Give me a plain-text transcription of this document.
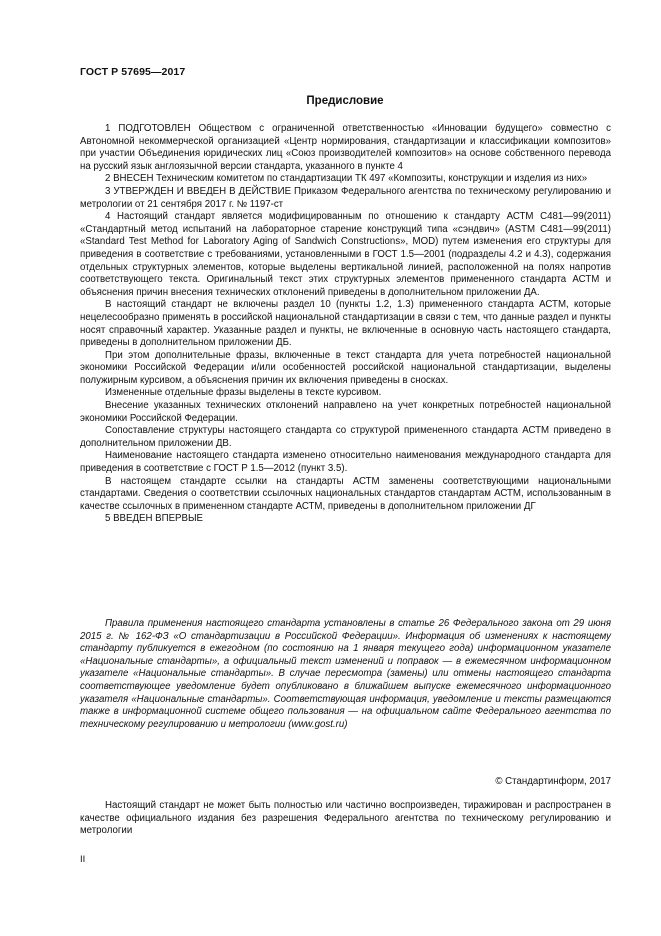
ГОСТ Р 57695—2017
Предисловие

1 ПОДГОТОВЛЕН Обществом с ограниченной ответственностью «Инновации будущего» совместно с Автономной некоммерческой организацией «Центр нормирования, стандартизации и классификации композитов» при участии Объединения юридических лиц «Союз производителей композитов» на основе собственного перевода на русский язык англоязычной версии стандарта, указанного в пункте 4

2 ВНЕСЕН Техническим комитетом по стандартизации ТК 497 «Композиты, конструкции и изделия из них»

3 УТВЕРЖДЕН И ВВЕДЕН В ДЕЙСТВИЕ Приказом Федерального агентства по техническому регулированию и метрологии от 21 сентября 2017 г. № 1197-ст

4 Настоящий стандарт является модифицированным по отношению к стандарту АСТМ С481—99(2011) «Стандартный метод испытаний на лабораторное старение конструкций типа «сэндвич» (ASTM C481—99(2011) «Standard Test Method for Laboratory Aging of Sandwich Constructions», MOD) путем изменения его структуры для приведения в соответствие с требованиями, установленными в ГОСТ 1.5—2001 (подразделы 4.2 и 4.3), содержания отдельных структурных элементов, которые выделены вертикальной линией, расположенной на полях напротив соответствующего текста. Оригинальный текст этих структурных элементов примененного стандарта АСТМ и объяснения причин внесения технических отклонений приведены в дополнительном приложении ДА.

В настоящий стандарт не включены раздел 10 (пункты 1.2, 1.3) примененного стандарта АСТМ, которые нецелесообразно применять в российской национальной стандартизации в связи с тем, что данные раздел и пункты носят справочный характер. Указанные раздел и пункты, не включенные в основную часть настоящего стандарта, приведены в дополнительном приложении ДБ.

При этом дополнительные фразы, включенные в текст стандарта для учета потребностей национальной экономики Российской Федерации и/или особенностей российской национальной стандартизации, выделены полужирным курсивом, а объяснения причин их включения приведены в сносках.

Измененные отдельные фразы выделены в тексте курсивом.

Внесение указанных технических отклонений направлено на учет конкретных потребностей национальной экономики Российской Федерации.

Сопоставление структуры настоящего стандарта со структурой примененного стандарта АСТМ приведено в дополнительном приложении ДВ.

Наименование настоящего стандарта изменено относительно наименования международного стандарта для приведения в соответствие с ГОСТ Р 1.5—2012 (пункт 3.5).

В настоящем стандарте ссылки на стандарты АСТМ заменены соответствующими национальными стандартами. Сведения о соответствии ссылочных национальных стандартов стандартам АСТМ, использованным в качестве ссылочных в примененном стандарте АСТМ, приведены в дополнительном приложении ДГ

5 ВВЕДЕН ВПЕРВЫЕ

Правила применения настоящего стандарта установлены в статье 26 Федерального закона от 29 июня 2015 г. № 162-ФЗ «О стандартизации в Российской Федерации». Информация об изменениях к настоящему стандарту публикуется в ежегодном (по состоянию на 1 января текущего года) информационном указателе «Национальные стандарты», а официальный текст изменений и поправок — в ежемесячном информационном указателе «Национальные стандарты». В случае пересмотра (замены) или отмены настоящего стандарта соответствующее уведомление будет опубликовано в ближайшем выпуске ежемесячного информационного указателя «Национальные стандарты». Соответствующая информация, уведомление и тексты размещаются также в информационной системе общего пользования — на официальном сайте Федерального агентства по техническому регулированию и метрологии (www.gost.ru)

© Стандартинформ, 2017

Настоящий стандарт не может быть полностью или частично воспроизведен, тиражирован и распространен в качестве официального издания без разрешения Федерального агентства по техническому регулированию и метрологии

II
